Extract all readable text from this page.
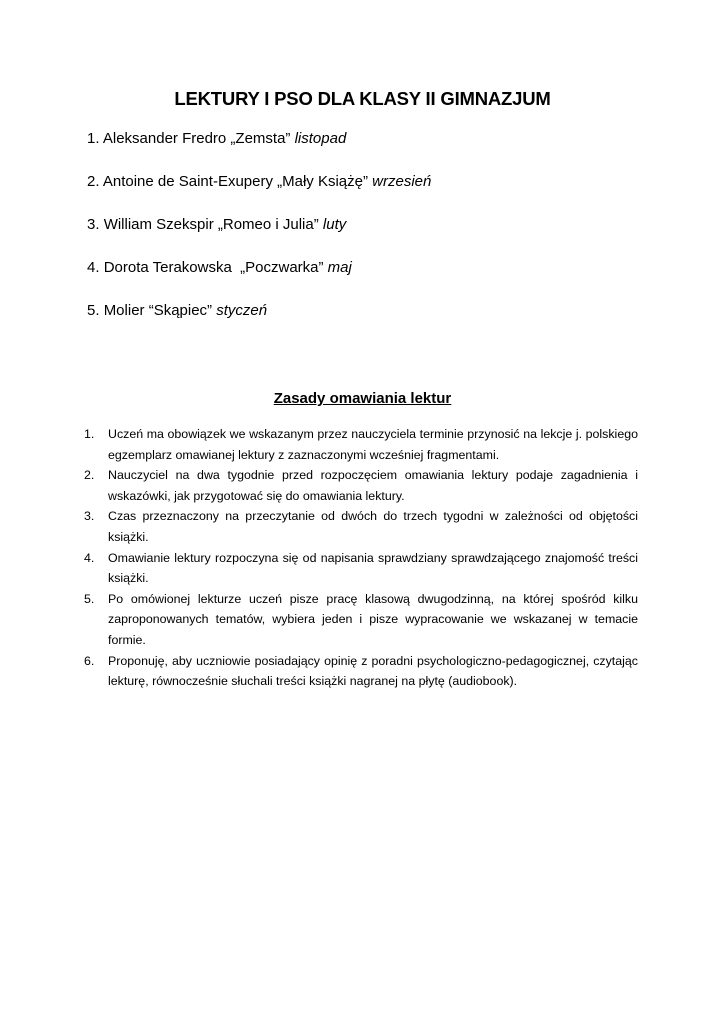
LEKTURY I PSO DLA KLASY II GIMNAZJUM
1. Aleksander Fredro „Zemsta” listopad
2. Antoine de Saint-Exupery „Mały Książę” wrzesień
3. William Szekspir „Romeo i Julia” luty
4. Dorota Terakowska  „Poczwarka” maj
5. Molier “Skąpiec” styczeń
Zasady omawiania lektur
1. Uczeń ma obowiązek we wskazanym przez nauczyciela terminie przynosić na lekcje j. polskiego egzemplarz omawianej lektury z zaznaczonymi wcześniej fragmentami.
2. Nauczyciel na dwa tygodnie przed rozpoczęciem omawiania lektury podaje zagadnienia i wskazówki, jak przygotować się do omawiania lektury.
3. Czas przeznaczony na przeczytanie od dwóch do trzech tygodni w zależności od objętości książki.
4. Omawianie lektury rozpoczyna się od napisania sprawdziany sprawdzającego znajomość treści książki.
5. Po omówionej lekturze uczeń pisze pracę klasową dwugodzinną, na której spośród kilku zaproponowanych tematów, wybiera jeden i pisze wypracowanie we wskazanej w temacie formie.
6. Proponuję, aby uczniowie posiadający opinię z poradni psychologiczno-pedagogicznej, czytając lekturę, równocześnie słuchali treści książki nagranej na płytę (audiobook).
